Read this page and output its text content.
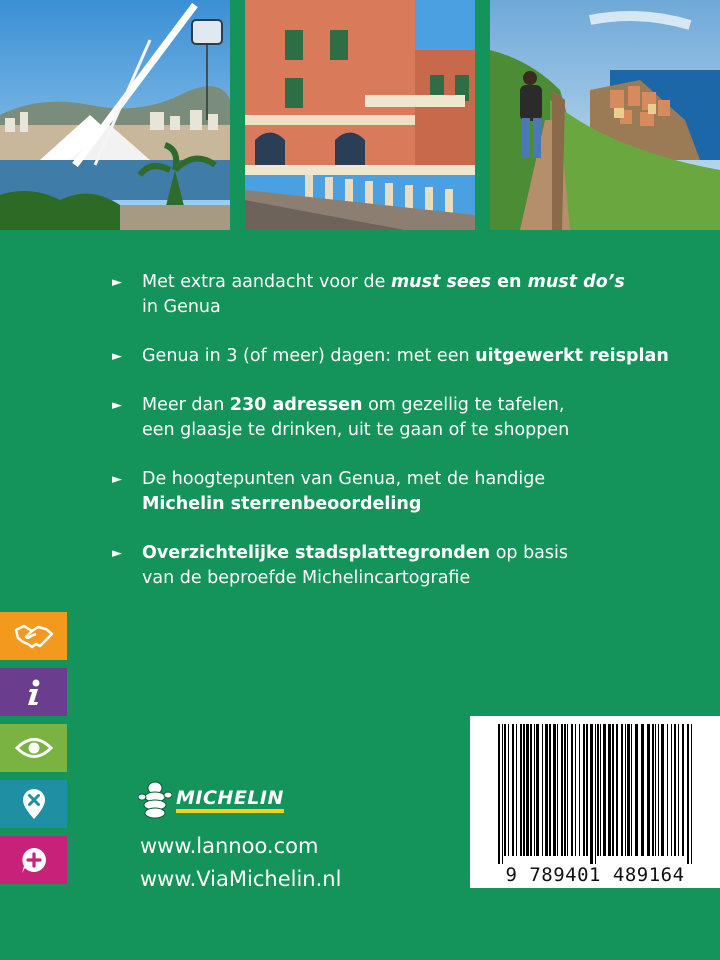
► Met extra aandacht voor de must sees en must do’s
in Genua
► Genua in 3 (of meer) dagen: met een uitgewerkt reisplan
► Meer dan 230 adressen om gezellig te tafelen,
een glaasje te drinken, uit te gaan of te shoppen
► De hoogtepunten van Genua, met de handige
Michelin sterrenbeoordeling
► Overzichtelijke stadsplattegronden op basis
van de beproefde Michelincartografie
MICHELIN
www.lannoo.com
www.ViaMichelin.nl	9 789401 489164
